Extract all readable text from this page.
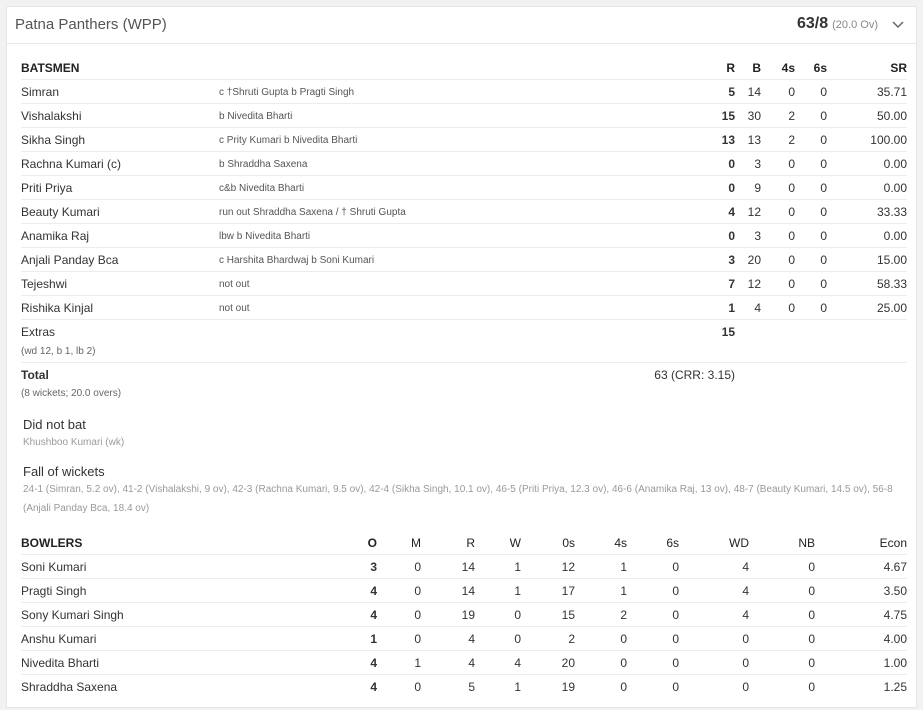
Patna Panthers (WPP)	63/8 (20.0 Ov)
BATSMEN	R B 4s 6s	SR
Simran	c †Shruti Gupta b Pragti Singh	5 14 0 0	35.71
Vishalakshi	b Nivedita Bharti	15 30 2 0	50.00
Sikha Singh	c Prity Kumari b Nivedita Bharti	13 13 2 0	100.00
Rachna Kumari (c)	b Shraddha Saxena	0 3 0 0	0.00
Priti Priya	c&b Nivedita Bharti	0 9 0 0	0.00
Beauty Kumari	run out Shraddha Saxena / † Shruti Gupta	4 12 0 0	33.33
Anamika Raj	lbw b Nivedita Bharti	0 3 0 0	0.00
Anjali Panday Bca	c Harshita Bhardwaj b Soni Kumari	3 20 0 0	15.00
Tejeshwi	not out	7 12 0 0	58.33
Rishika Kinjal	not out	1 4 0 0	25.00
Extras	15
(wd 12, b 1, lb 2)
Total	63 (CRR: 3.15)
(8 wickets; 20.0 overs)
Did not bat
Khushboo Kumari (wk)
Fall of wickets
24-1 (Simran, 5.2 ov), 41-2 (Vishalakshi, 9 ov), 42-3 (Rachna Kumari, 9.5 ov), 42-4 (Sikha Singh, 10.1 ov), 46-5 (Priti Priya, 12.3 ov), 46-6 (Anamika Raj, 13 ov), 48-7 (Beauty Kumari, 14.5 ov), 56-8
(Anjali Panday Bca, 18.4 ov)
BOWLERS	O	M	R	W	0s	4s	6s	WD	NB	Econ
Soni Kumari	3	0	14	1	12	1	0	4	0	4.67
Pragti Singh	4	0	14	1	17	1	0	4	0	3.50
Sony Kumari Singh	4	0	19	0	15	2	0	4	0	4.75
Anshu Kumari	1	0	4	0	2	0	0	0	0	4.00
Nivedita Bharti	4	1	4	4	20	0	0	0	0	1.00
Shraddha Saxena	4	0	5	1	19	0	0	0	0	1.25
